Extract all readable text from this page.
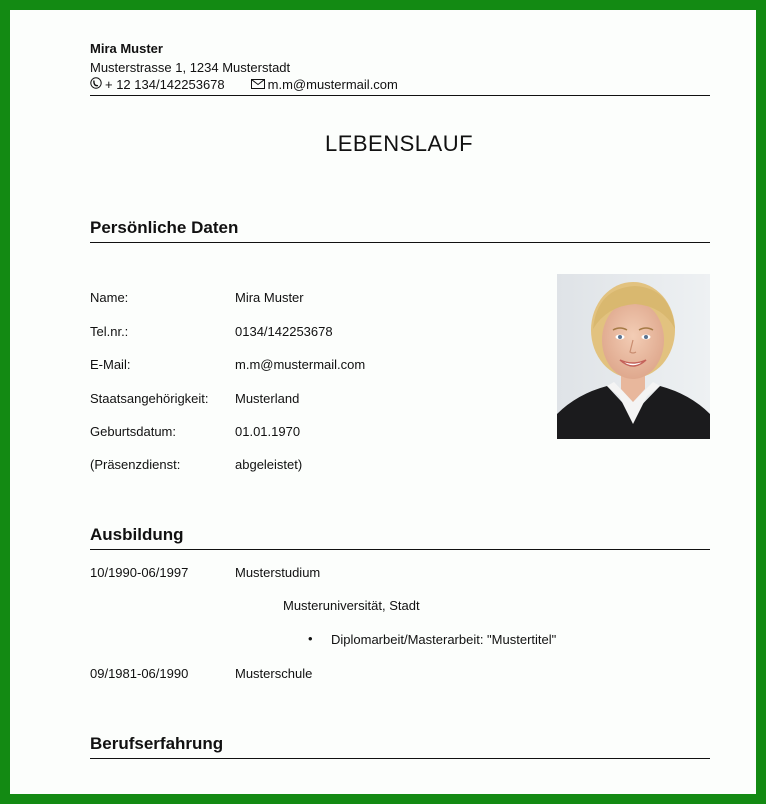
Mira Muster
Musterstrasse 1, 1234 Musterstadt
+ 12 134/142253678	m.m@mustermail.com
LEBENSLAUF
Persönliche Daten
Name:	Mira Muster
Tel.nr.:	0134/142253678
E-Mail:	m.m@mustermail.com
Staatsangehörigkeit: Musterland
Geburtsdatum:	01.01.1970
(Präsenzdienst:	abgeleistet)
Ausbildung
10/1990-06/1997	Musterstudium
Musteruniversität, Stadt
• Diplomarbeit/Masterarbeit: "Mustertitel"
09/1981-06/1990	Musterschule
Berufserfahrung
